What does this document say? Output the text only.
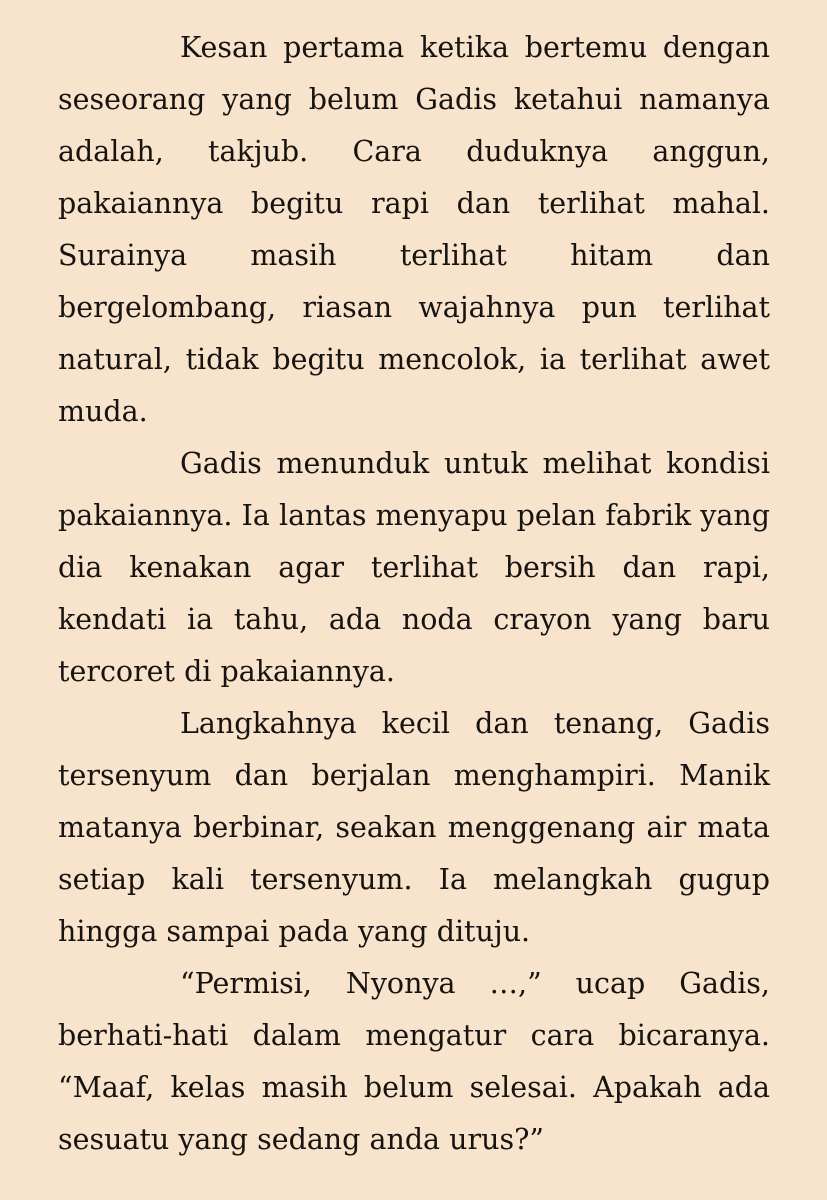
Kesan pertama ketika bertemu dengan seseorang yang belum Gadis ketahui namanya adalah, takjub. Cara duduknya anggun, pakaiannya begitu rapi dan terlihat mahal. Surainya masih terlihat hitam dan bergelombang, riasan wajahnya pun terlihat natural, tidak begitu mencolok, ia terlihat awet muda.

Gadis menunduk untuk melihat kondisi pakaiannya. Ia lantas menyapu pelan fabrik yang dia kenakan agar terlihat bersih dan rapi, kendati ia tahu, ada noda crayon yang baru tercoret di pakaiannya.

Langkahnya kecil dan tenang, Gadis tersenyum dan berjalan menghampiri. Manik matanya berbinar, seakan menggenang air mata setiap kali tersenyum. Ia melangkah gugup hingga sampai pada yang dituju.

“Permisi, Nyonya …,” ucap Gadis, berhati-hati dalam mengatur cara bicaranya. “Maaf, kelas masih belum selesai. Apakah ada sesuatu yang sedang anda urus?”
